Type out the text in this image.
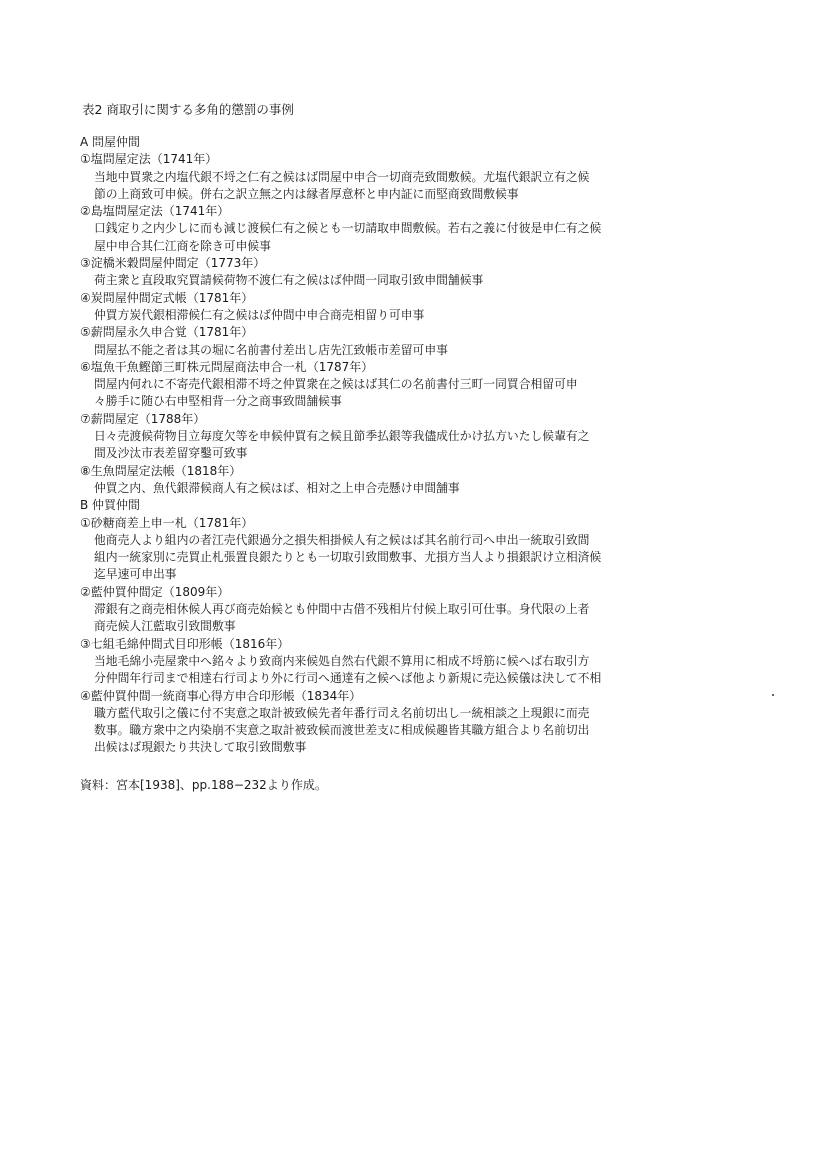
表2 商取引に関する多角的懲罰の事例
A 問屋仲間
①塩問屋定法（1741年）
当地中買衆之内塩代銀不埒之仁有之候はば問屋中申合一切商売致間敷候。尤塩代銀訳立有之候
節の上商致可申候。併右之訳立無之内は縁者厚意杯と申内証に而堅商致間敷候事
②島塩問屋定法（1741年）
口銭定り之内少しに而も減じ渡候仁有之候とも一切請取申間敷候。若右之義に付彼是申仁有之候
屋中申合其仁江商を除き可申候事
③淀橋米穀問屋仲間定（1773年）
荷主衆と直段取究買請候荷物不渡仁有之候はば仲間一同取引致申間舗候事
④炭問屋仲間定式帳（1781年）
仲買方炭代銀相滞候仁有之候はば仲間中申合商売相留り可申事
⑤薪問屋永久申合覚（1781年）
問屋払不能之者は其の堀に名前書付差出し店先江致帳市差留可申事
⑥塩魚干魚鰹節三町株元問屋商法申合一札（1787年）
問屋内何れに不寄売代銀相滞不埒之仲買衆在之候はば其仁の名前書付三町一同買合相留可申
々勝手に随ひ右申堅相背一分之商事致間舗候事
⑦薪問屋定（1788年）
日々売渡候荷物目立毎度欠等を申候仲買有之候且節季払銀等我儘成仕かけ払方いたし候輩有之
間及沙汰市表差留穿鑿可致事
⑧生魚問屋定法帳（1818年）
仲買之内、魚代銀滞候商人有之候はば、相対之上申合売懸け申間舗事
B 仲買仲間
①砂糖商差上申一札（1781年）
他商売人より組内の者江売代銀過分之損失相掛候人有之候はば其名前行司へ申出一統取引致間
組内一統家別に売買止札張置良銀たりとも一切取引致間敷事、尤損方当人より損銀訳け立相済候
迄早速可申出事
②藍仲買仲間定（1809年）
滞銀有之商売相休候人再び商売始候とも仲間中古借不残相片付候上取引可仕事。身代限の上者
商売候人江藍取引致間敷事
③七組毛綿仲間式目印形帳（1816年）
当地毛綿小売屋衆中へ銘々より致商内来候処自然右代銀不算用に相成不埒筋に候へば右取引方
分仲間年行司まで相達右行司より外に行司へ通達有之候へば他より新規に売込候儀は決して不相
④藍仲買仲間一統商事心得方申合印形帳（1834年）
職方藍代取引之儀に付不実意之取計被致候先者年番行司え名前切出し一統相談之上現銀に而売
数事。職方衆中之内染崩不実意之取計被致候而渡世差支に相成候趣皆其職方組合より名前切出
出候はば現銀たり共決して取引致間敷事
資料：宮本[1938]、pp.188−232より作成。
